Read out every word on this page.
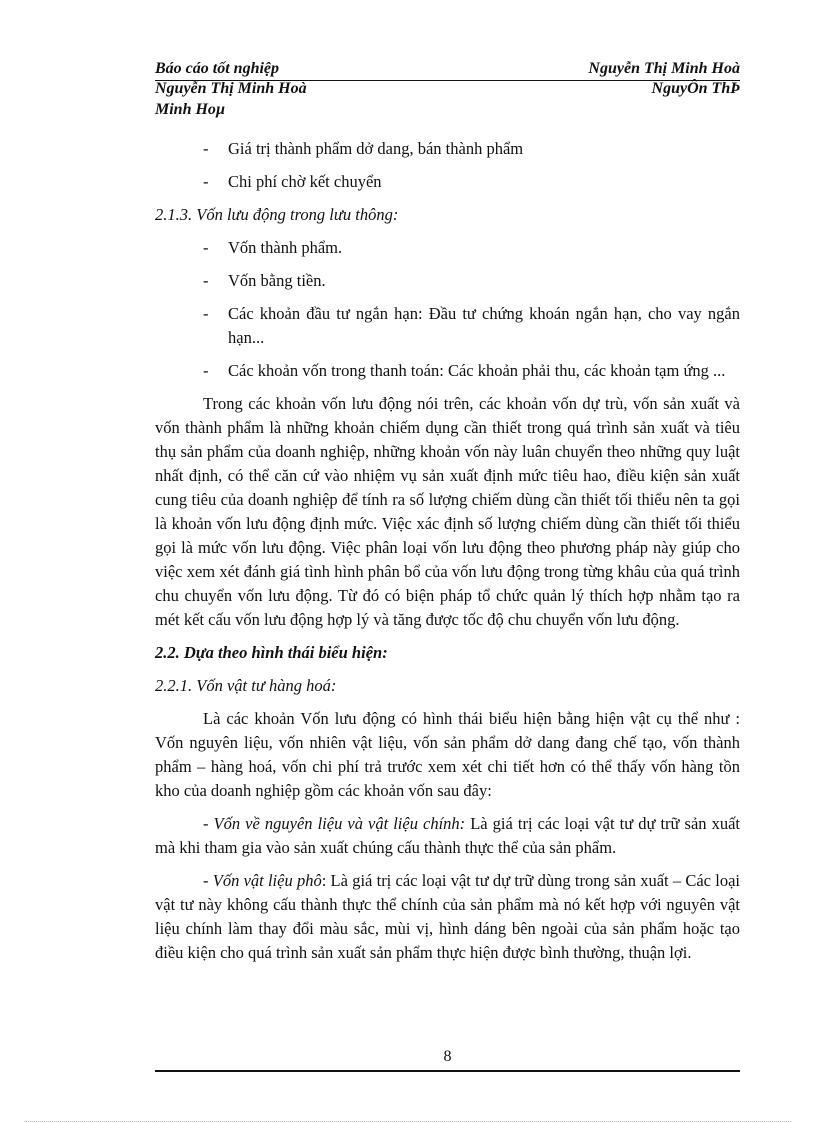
Báo cáo tốt nghiệp	Nguyễn Thị Minh Hoà
Nguyễn Thị Minh Hoà	NguyÔn ThÞ
Minh Hoµ
- Giá trị thành phẩm dở dang, bán thành phẩm
- Chi phí chờ kết chuyển
2.1.3. Vốn lưu động trong lưu thông:
- Vốn thành phẩm.
- Vốn bằng tiền.
- Các khoản đầu tư ngắn hạn: Đầu tư chứng khoán ngắn hạn, cho vay ngắn hạn...
- Các khoản vốn trong thanh toán: Các khoản phải thu, các khoản tạm ứng ...

Trong các khoản vốn lưu động nói trên, các khoản vốn dự trù, vốn sản xuất và vốn thành phẩm là những khoản chiếm dụng cần thiết trong quá trình sản xuất và tiêu thụ sản phẩm của doanh nghiệp, những khoản vốn này luân chuyển theo những quy luật nhất định, có thể căn cứ vào nhiệm vụ sản xuất định mức tiêu hao, điều kiện sản xuất cung tiêu của doanh nghiệp để tính ra số lượng chiếm dùng cần thiết tối thiểu nên ta gọi là khoản vốn lưu động định mức. Việc xác định số lượng chiếm dùng cần thiết tối thiểu gọi là mức vốn lưu động. Việc phân loại vốn lưu động theo phương pháp này giúp cho việc xem xét đánh giá tình hình phân bổ của vốn lưu động trong từng khâu của quá trình chu chuyển vốn lưu động. Từ đó có biện pháp tổ chức quản lý thích hợp nhằm tạo ra mét kết cấu vốn lưu động hợp lý và tăng được tốc độ chu chuyển vốn lưu động.

2.2. Dựa theo hình thái biểu hiện:
2.2.1. Vốn vật tư hàng hoá:

Là các khoản Vốn lưu động có hình thái biểu hiện bằng hiện vật cụ thể như : Vốn nguyên liệu, vốn nhiên vật liệu, vốn sản phẩm dở dang đang chế tạo, vốn thành phẩm – hàng hoá, vốn chi phí trả trước xem xét chi tiết hơn có thể thấy vốn hàng tồn kho của doanh nghiệp gồm các khoản vốn sau đây:

- Vốn về nguyên liệu và vật liệu chính: Là giá trị các loại vật tư dự trữ sản xuất mà khi tham gia vào sản xuất chúng cấu thành thực thể của sản phẩm.

- Vốn vật liệu phô: Là giá trị các loại vật tư dự trữ dùng trong sản xuất – Các loại vật tư này không cấu thành thực thể chính của sản phẩm mà nó kết hợp với nguyên vật liệu chính làm thay đổi màu sắc, mùi vị, hình dáng bên ngoài của sản phẩm hoặc tạo điều kiện cho quá trình sản xuất sản phẩm thực hiện được bình thường, thuận lợi.

8
